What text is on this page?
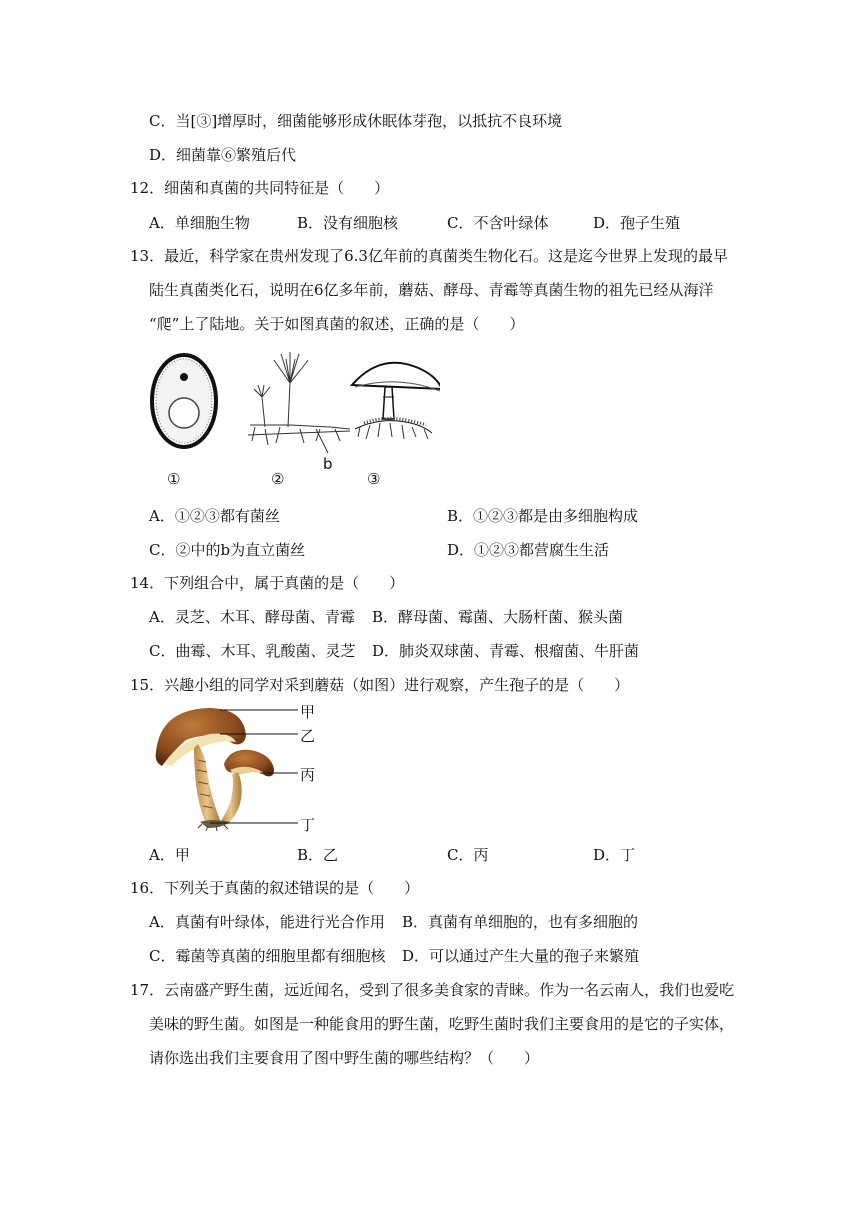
C．当[③]增厚时，细菌能够形成休眠体芽孢，以抵抗不良环境
D．细菌靠⑥繁殖后代
12．细菌和真菌的共同特征是（　　）
A．单细胞生物	B．没有细胞核	C．不含叶绿体	D．孢子生殖
13．最近，科学家在贵州发现了6.3亿年前的真菌类生物化石。这是迄今世界上发现的最早
陆生真菌类化石，说明在6亿多年前，蘑菇、酵母、青霉等真菌生物的祖先已经从海洋
“爬”上了陆地。关于如图真菌的叙述，正确的是（　　）
①	②	③
b
A．①②③都有菌丝	B．①②③都是由多细胞构成
C．②中的b为直立菌丝	D．①②③都营腐生生活
14．下列组合中，属于真菌的是（　　）
A．灵芝、木耳、酵母菌、青霉 B．酵母菌、霉菌、大肠杆菌、猴头菌
C．曲霉、木耳、乳酸菌、灵芝 D．肺炎双球菌、青霉、根瘤菌、牛肝菌
15．兴趣小组的同学对采到蘑菇（如图）进行观察，产生孢子的是（　　）
甲
乙
丙
丁
A．甲	B．乙	C．丙	D．丁
16．下列关于真菌的叙述错误的是（　　）
A．真菌有叶绿体，能进行光合作用 B．真菌有单细胞的，也有多细胞的
C．霉菌等真菌的细胞里都有细胞核 D．可以通过产生大量的孢子来繁殖
17．云南盛产野生菌，远近闻名，受到了很多美食家的青睐。作为一名云南人，我们也爱吃
美味的野生菌。如图是一种能食用的野生菌，吃野生菌时我们主要食用的是它的子实体，
请你选出我们主要食用了图中野生菌的哪些结构？（　　）
